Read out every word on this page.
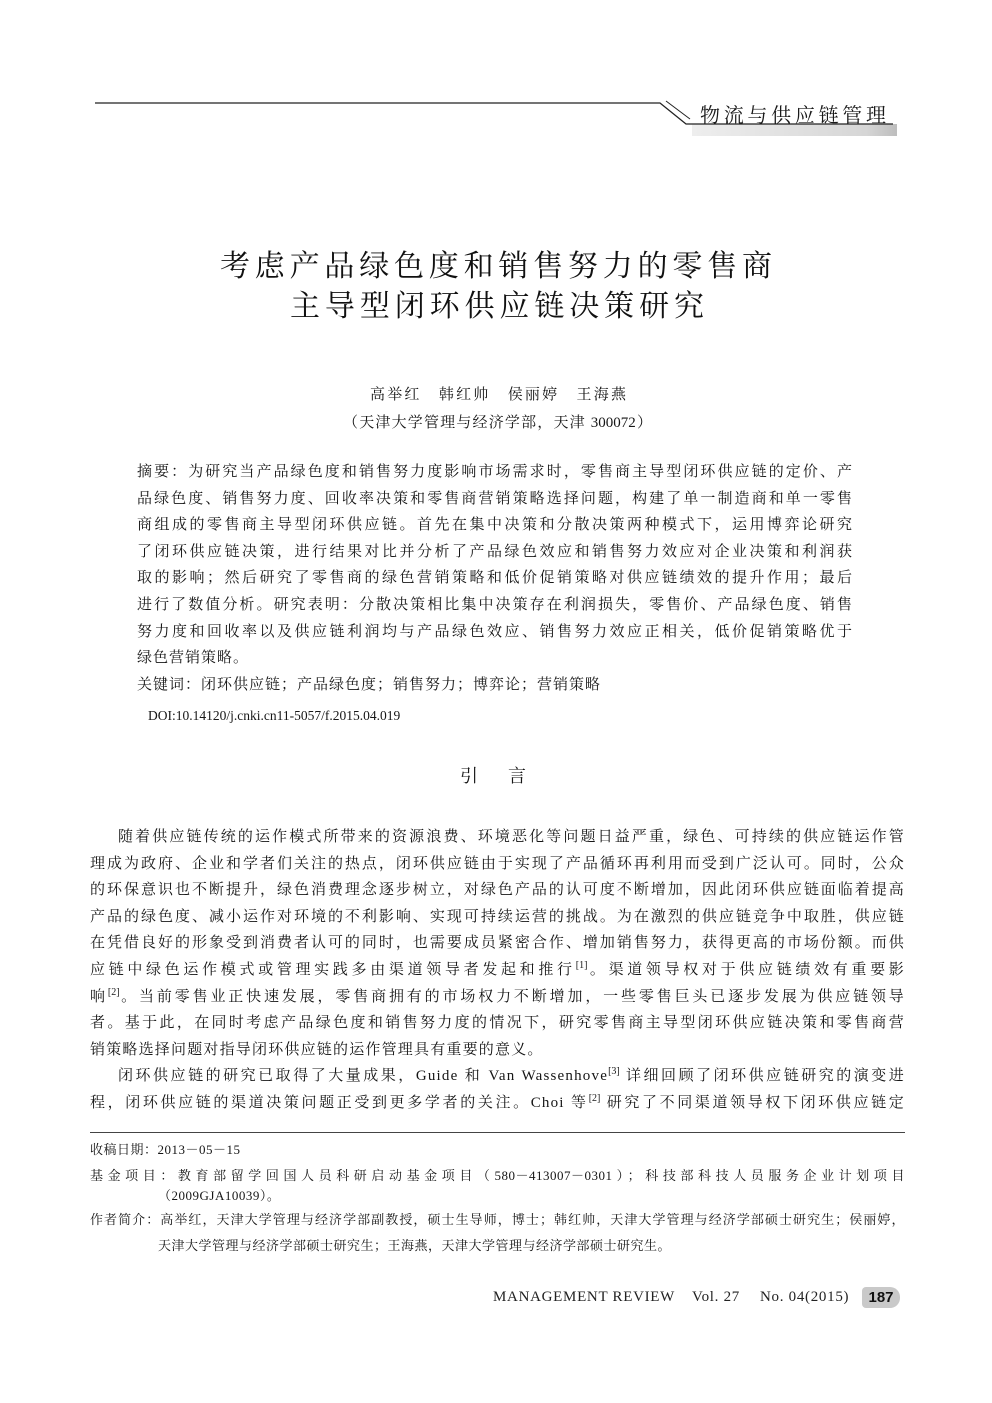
物流与供应链管理
考虑产品绿色度和销售努力的零售商
主导型闭环供应链决策研究
高举红　韩红帅　侯丽婷　王海燕
（天津大学管理与经济学部，天津 300072）
摘要：为研究当产品绿色度和销售努力度影响市场需求时，零售商主导型闭环供应链的定价、产
品绿色度、销售努力度、回收率决策和零售商营销策略选择问题，构建了单一制造商和单一零售
商组成的零售商主导型闭环供应链。首先在集中决策和分散决策两种模式下，运用博弈论研究
了闭环供应链决策，进行结果对比并分析了产品绿色效应和销售努力效应对企业决策和利润获
取的影响；然后研究了零售商的绿色营销策略和低价促销策略对供应链绩效的提升作用；最后
进行了数值分析。研究表明：分散决策相比集中决策存在利润损失，零售价、产品绿色度、销售
努力度和回收率以及供应链利润均与产品绿色效应、销售努力效应正相关，低价促销策略优于
绿色营销策略。
关键词：闭环供应链；产品绿色度；销售努力；博弈论；营销策略
DOI:10.14120/j.cnki.cn11-5057/f.2015.04.019
引　言
随着供应链传统的运作模式所带来的资源浪费、环境恶化等问题日益严重，绿色、可持续的供应链运作管
理成为政府、企业和学者们关注的热点，闭环供应链由于实现了产品循环再利用而受到广泛认可。同时，公众
的环保意识也不断提升，绿色消费理念逐步树立，对绿色产品的认可度不断增加，因此闭环供应链面临着提高
产品的绿色度、减小运作对环境的不利影响、实现可持续运营的挑战。为在激烈的供应链竞争中取胜，供应链
在凭借良好的形象受到消费者认可的同时，也需要成员紧密合作、增加销售努力，获得更高的市场份额。而供
应链中绿色运作模式或管理实践多由渠道领导者发起和推行[1]。渠道领导权对于供应链绩效有重要影
响[2]。当前零售业正快速发展，零售商拥有的市场权力不断增加，一些零售巨头已逐步发展为供应链领导
者。基于此，在同时考虑产品绿色度和销售努力度的情况下，研究零售商主导型闭环供应链决策和零售商营
销策略选择问题对指导闭环供应链的运作管理具有重要的意义。
闭环供应链的研究已取得了大量成果，Guide 和 Van Wassenhove[3] 详细回顾了闭环供应链研究的演变进
程，闭环供应链的渠道决策问题正受到更多学者的关注。Choi 等[2] 研究了不同渠道领导权下闭环供应链定
收稿日期：2013－05－15
基金项目：教育部留学回国人员科研启动基金项目（580－413007－0301）；科技部科技人员服务企业计划项目
（2009GJA10039）。
作者简介：高举红，天津大学管理与经济学部副教授，硕士生导师，博士；韩红帅，天津大学管理与经济学部硕士研究生；侯丽婷，
天津大学管理与经济学部硕士研究生；王海燕，天津大学管理与经济学部硕士研究生。
MANAGEMENT REVIEW Vol. 27 No. 04(2015)	187
